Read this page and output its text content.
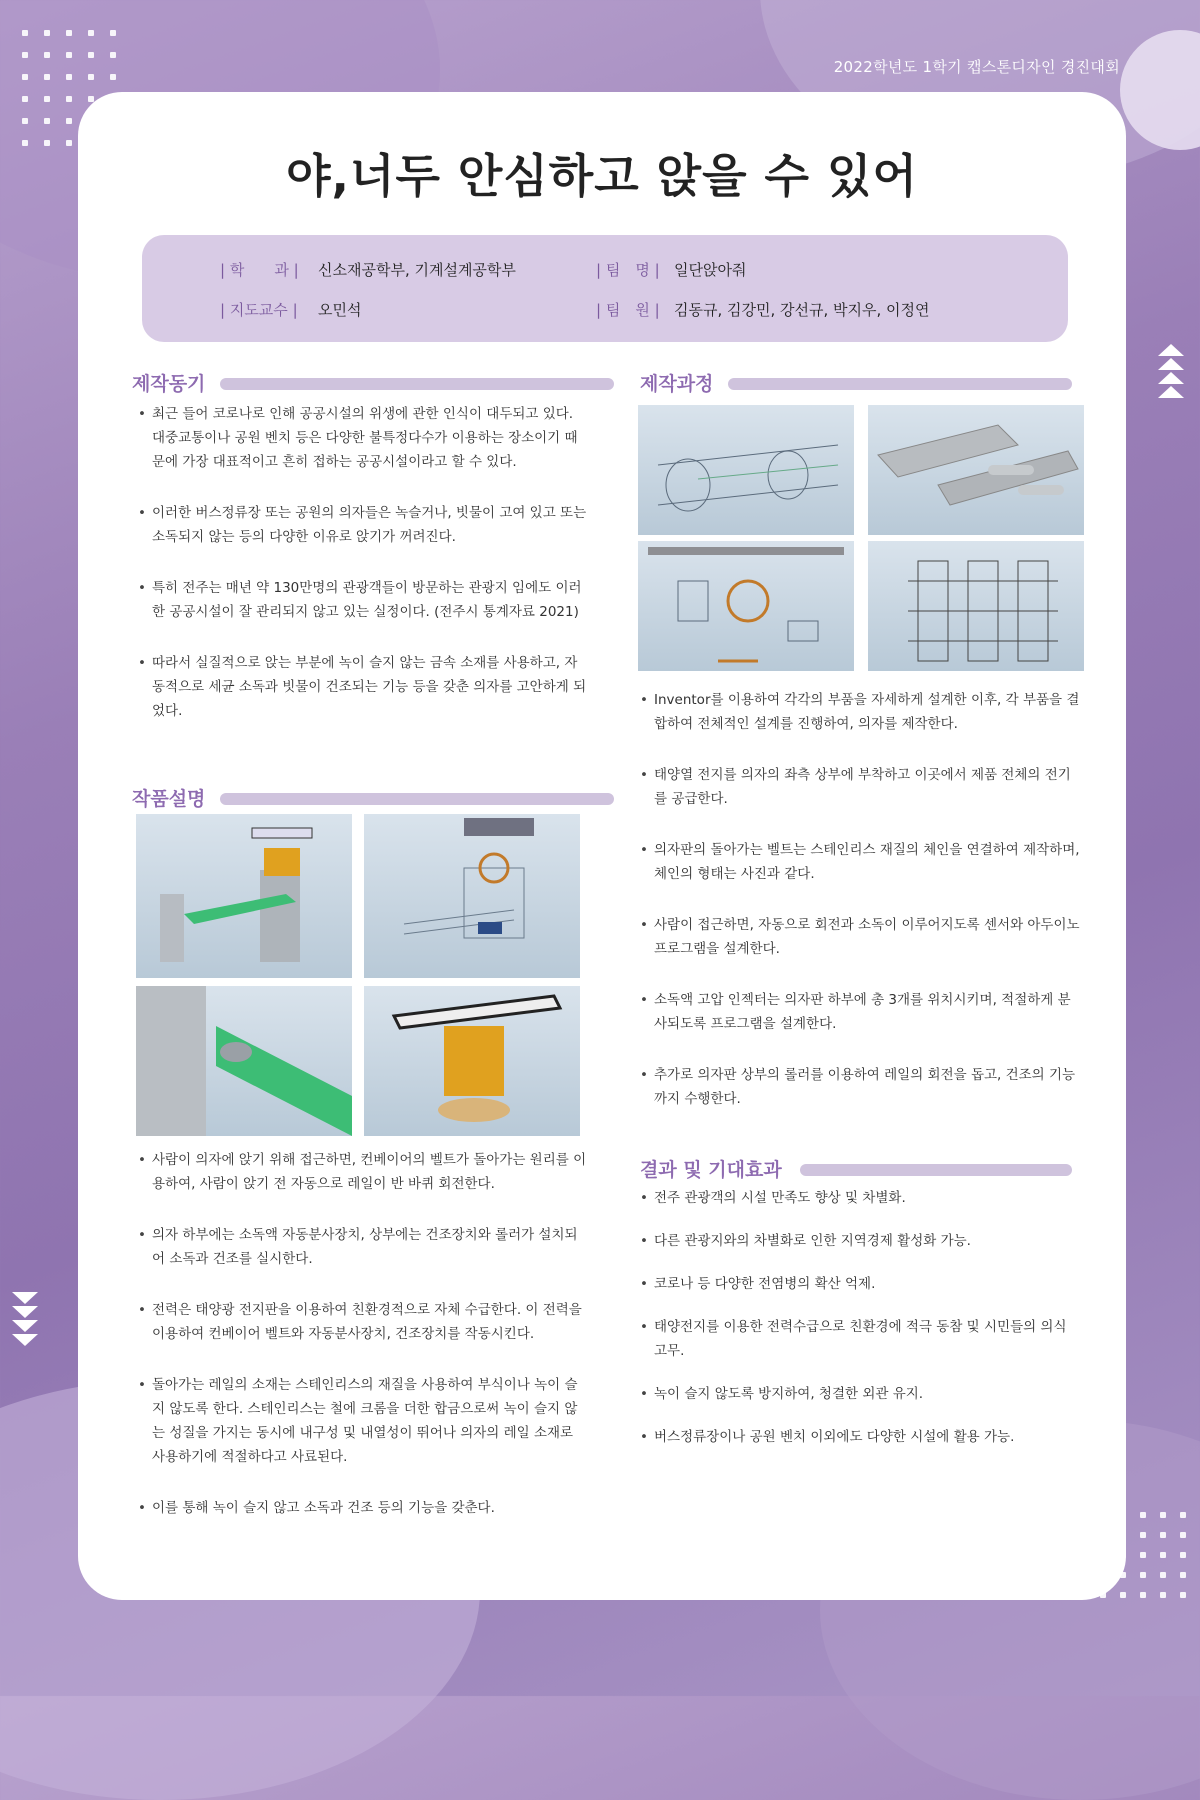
2022학년도 1학기 캡스톤디자인 경진대회
야,너두 안심하고 앉을 수 있어
| 학　　과 | 신소재공학부, 기계설계공학부	| 팀　명 | 일단앉아줘
| 지도교수 | 오민석	| 팀　원 | 김동규, 김강민, 강선규, 박지우, 이정연
제작동기
• 최근 들어 코로나로 인해 공공시설의 위생에 관한 인식이 대두되고 있다. 대중교통이나 공원 벤치 등은 다양한 불특정다수가 이용하는 장소이기 때문에 가장 대표적이고 흔히 접하는 공공시설이라고 할 수 있다.
• 이러한 버스정류장 또는 공원의 의자들은 녹슬거나, 빗물이 고여 있고 또는 소독되지 않는 등의 다양한 이유로 앉기가 꺼려진다.
• 특히 전주는 매년 약 130만명의 관광객들이 방문하는 관광지 임에도 이러한 공공시설이 잘 관리되지 않고 있는 실정이다. (전주시 통계자료 2021)
• 따라서 실질적으로 앉는 부분에 녹이 슬지 않는 금속 소재를 사용하고, 자동적으로 세균 소독과 빗물이 건조되는 기능 등을 갖춘 의자를 고안하게 되었다.
작품설명
• 사람이 의자에 앉기 위해 접근하면, 컨베이어의 벨트가 돌아가는 원리를 이용하여, 사람이 앉기 전 자동으로 레일이 반 바퀴 회전한다.
• 의자 하부에는 소독액 자동분사장치, 상부에는 건조장치와 롤러가 설치되어 소독과 건조를 실시한다.
• 전력은 태양광 전지판을 이용하여 친환경적으로 자체 수급한다. 이 전력을 이용하여 컨베이어 벨트와 자동분사장치, 건조장치를 작동시킨다.
• 돌아가는 레일의 소재는 스테인리스의 재질을 사용하여 부식이나 녹이 슬지 않도록 한다. 스테인리스는 철에 크롬을 더한 합금으로써 녹이 슬지 않는 성질을 가지는 동시에 내구성 및 내열성이 뛰어나 의자의 레일 소재로 사용하기에 적절하다고 사료된다.
• 이를 통해 녹이 슬지 않고 소독과 건조 등의 기능을 갖춘다.
제작과정
• Inventor를 이용하여 각각의 부품을 자세하게 설계한 이후, 각 부품을 결합하여 전체적인 설계를 진행하여, 의자를 제작한다.
• 태양열 전지를 의자의 좌측 상부에 부착하고 이곳에서 제품 전체의 전기를 공급한다.
• 의자판의 돌아가는 벨트는 스테인리스 재질의 체인을 연결하여 제작하며, 체인의 형태는 사진과 같다.
• 사람이 접근하면, 자동으로 회전과 소독이 이루어지도록 센서와 아두이노 프로그램을 설계한다.
• 소독액 고압 인젝터는 의자판 하부에 총 3개를 위치시키며, 적절하게 분사되도록 프로그램을 설계한다.
• 추가로 의자판 상부의 롤러를 이용하여 레일의 회전을 돕고, 건조의 기능까지 수행한다.
결과 및 기대효과
• 전주 관광객의 시설 만족도 향상 및 차별화.
• 다른 관광지와의 차별화로 인한 지역경제 활성화 가능.
• 코로나 등 다양한 전염병의 확산 억제.
• 태양전지를 이용한 전력수급으로 친환경에 적극 동참 및 시민들의 의식 고무.
• 녹이 슬지 않도록 방지하여, 청결한 외관 유지.
• 버스정류장이나 공원 벤치 이외에도 다양한 시설에 활용 가능.
